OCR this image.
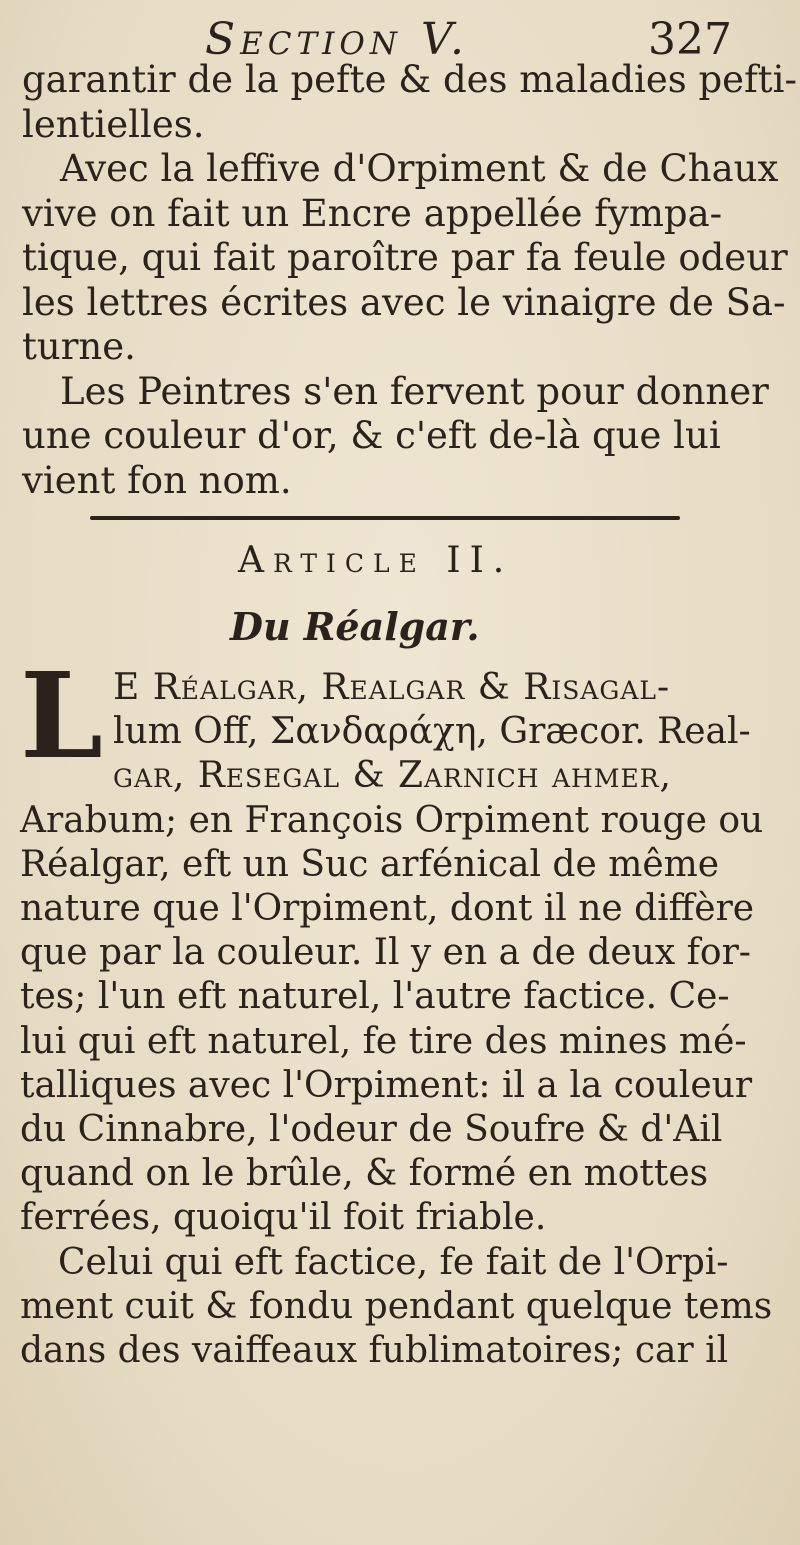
Section V.	327
garantir de la pefte & des maladies pefti-
lentielles.
Avec la leffive d'Orpiment & de Chaux
vive on fait un Encre appellée fympa-
tique, qui fait paroître par fa feule odeur
les lettres écrites avec le vinaigre de Sa-
turne.
Les Peintres s'en fervent pour donner
une couleur d'or, & c'eft de-là que lui
vient fon nom.
Article II.
Du Réalgar.
L E Réalgar, Realgar & Risagal-
lum Off, Σανδαράχη, Græcor. Real-
gar, Resegal & Zarnich ahmer,
Arabum; en François Orpiment rouge ou
Réalgar, eft un Suc arfénical de même
nature que l'Orpiment, dont il ne diffère
que par la couleur. Il y en a de deux for-
tes; l'un eft naturel, l'autre factice. Ce-
lui qui eft naturel, fe tire des mines mé-
talliques avec l'Orpiment: il a la couleur
du Cinnabre, l'odeur de Soufre & d'Ail
quand on le brûle, & formé en mottes
ferrées, quoiqu'il foit friable.
Celui qui eft factice, fe fait de l'Orpi-
ment cuit & fondu pendant quelque tems
dans des vaiffeaux fublimatoires; car il
